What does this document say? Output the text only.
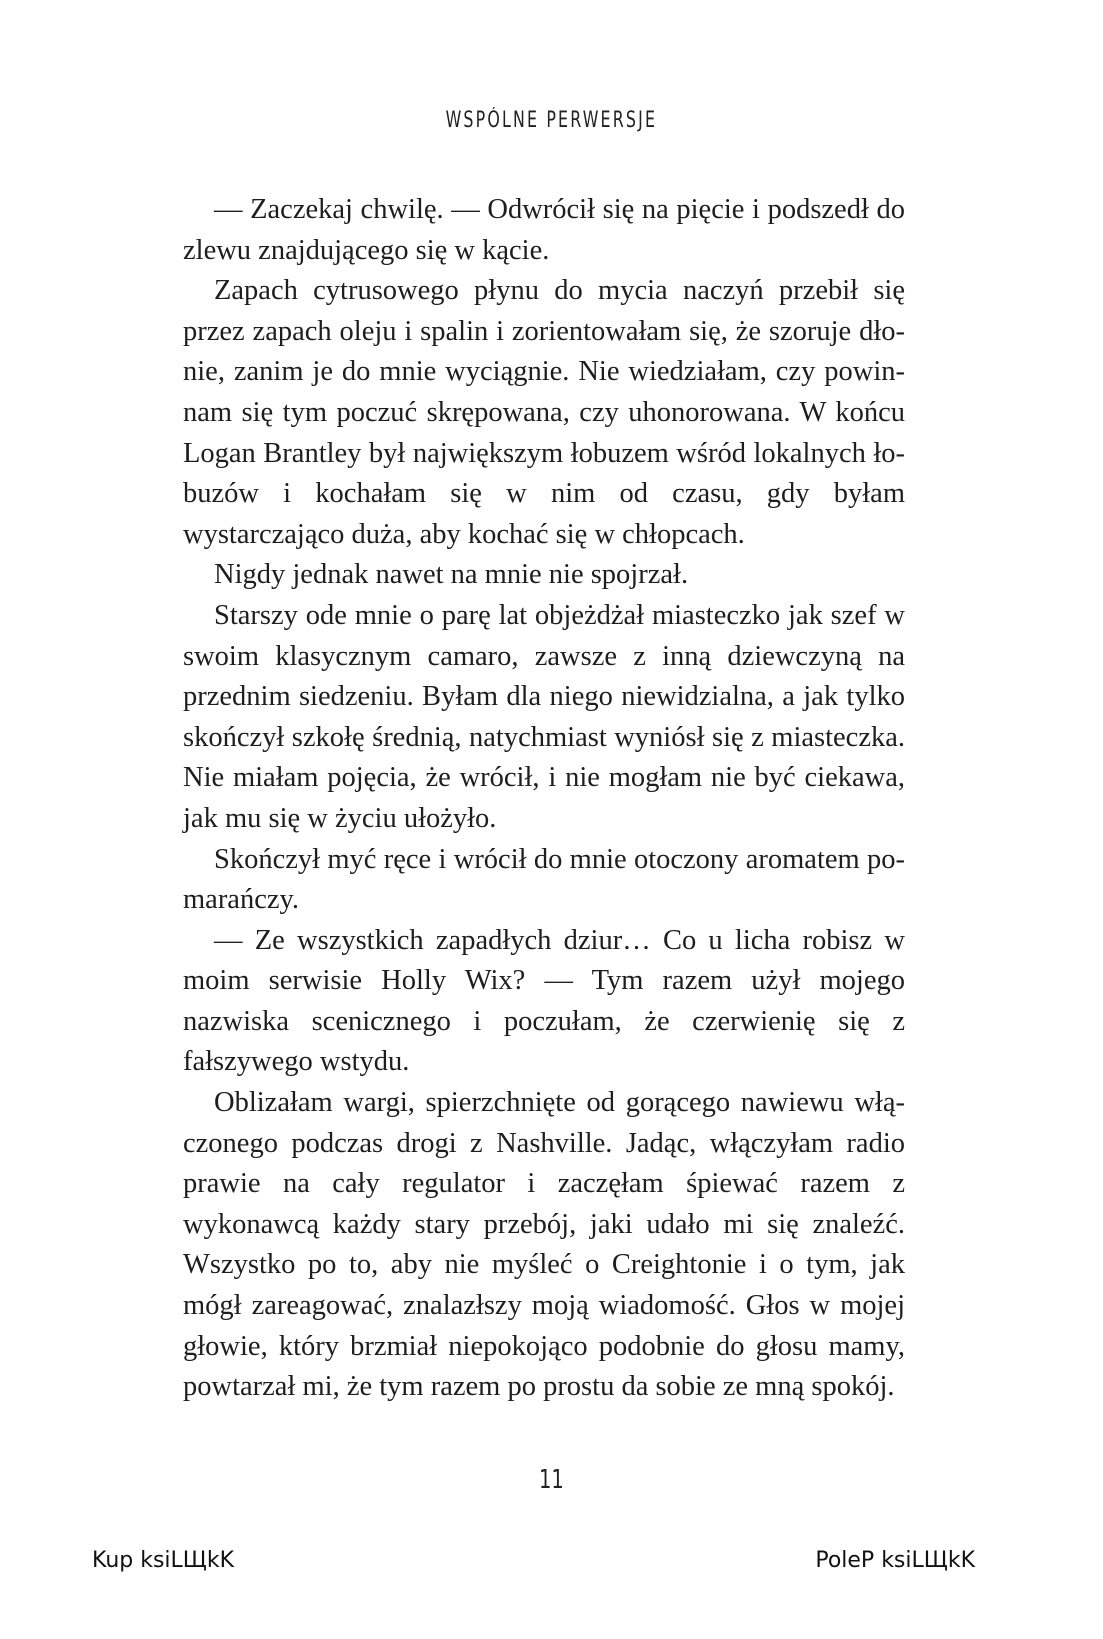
WSPÓLNE PERWERSJE

— Zaczekaj chwilę. — Odwrócił się na pięcie i podszedł do zlewu znajdującego się w kącie.

Zapach cytrusowego płynu do mycia naczyń przebił się przez zapach oleju i spalin i zorientowałam się, że szoruje dłonie, zanim je do mnie wyciągnie. Nie wiedziałam, czy powinnam się tym poczuć skrępowana, czy uhonorowana. W końcu Logan Brantley był największym łobuzem wśród lokalnych łobuzów i kochałam się w nim od czasu, gdy byłam wystarczająco duża, aby kochać się w chłopcach.

Nigdy jednak nawet na mnie nie spojrzał.

Starszy ode mnie o parę lat objeżdżał miasteczko jak szef w swoim klasycznym camaro, zawsze z inną dziewczyną na przednim siedzeniu. Byłam dla niego niewidzialna, a jak tylko skończył szkołę średnią, natychmiast wyniósł się z miasteczka. Nie miałam pojęcia, że wrócił, i nie mogłam nie być ciekawa, jak mu się w życiu ułożyło.

Skończył myć ręce i wrócił do mnie otoczony aromatem pomarańczy.

— Ze wszystkich zapadłych dziur… Co u licha robisz w moim serwisie Holly Wix? — Tym razem użył mojego nazwiska scenicznego i poczułam, że czerwienię się z fałszywego wstydu.

Oblizałam wargi, spierzchnięte od gorącego nawiewu włączonego podczas drogi z Nashville. Jadąc, włączyłam radio prawie na cały regulator i zaczęłam śpiewać razem z wykonawcą każdy stary przebój, jaki udało mi się znaleźć. Wszystko po to, aby nie myśleć o Creightonie i o tym, jak mógł zareagować, znalazłszy moją wiadomość. Głos w mojej głowie, który brzmiał niepokojąco podobnie do głosu mamy, powtarzał mi, że tym razem po prostu da sobie ze mną spokój.

11
Kup ksiLЩkK	PoleP ksiLЩkK
